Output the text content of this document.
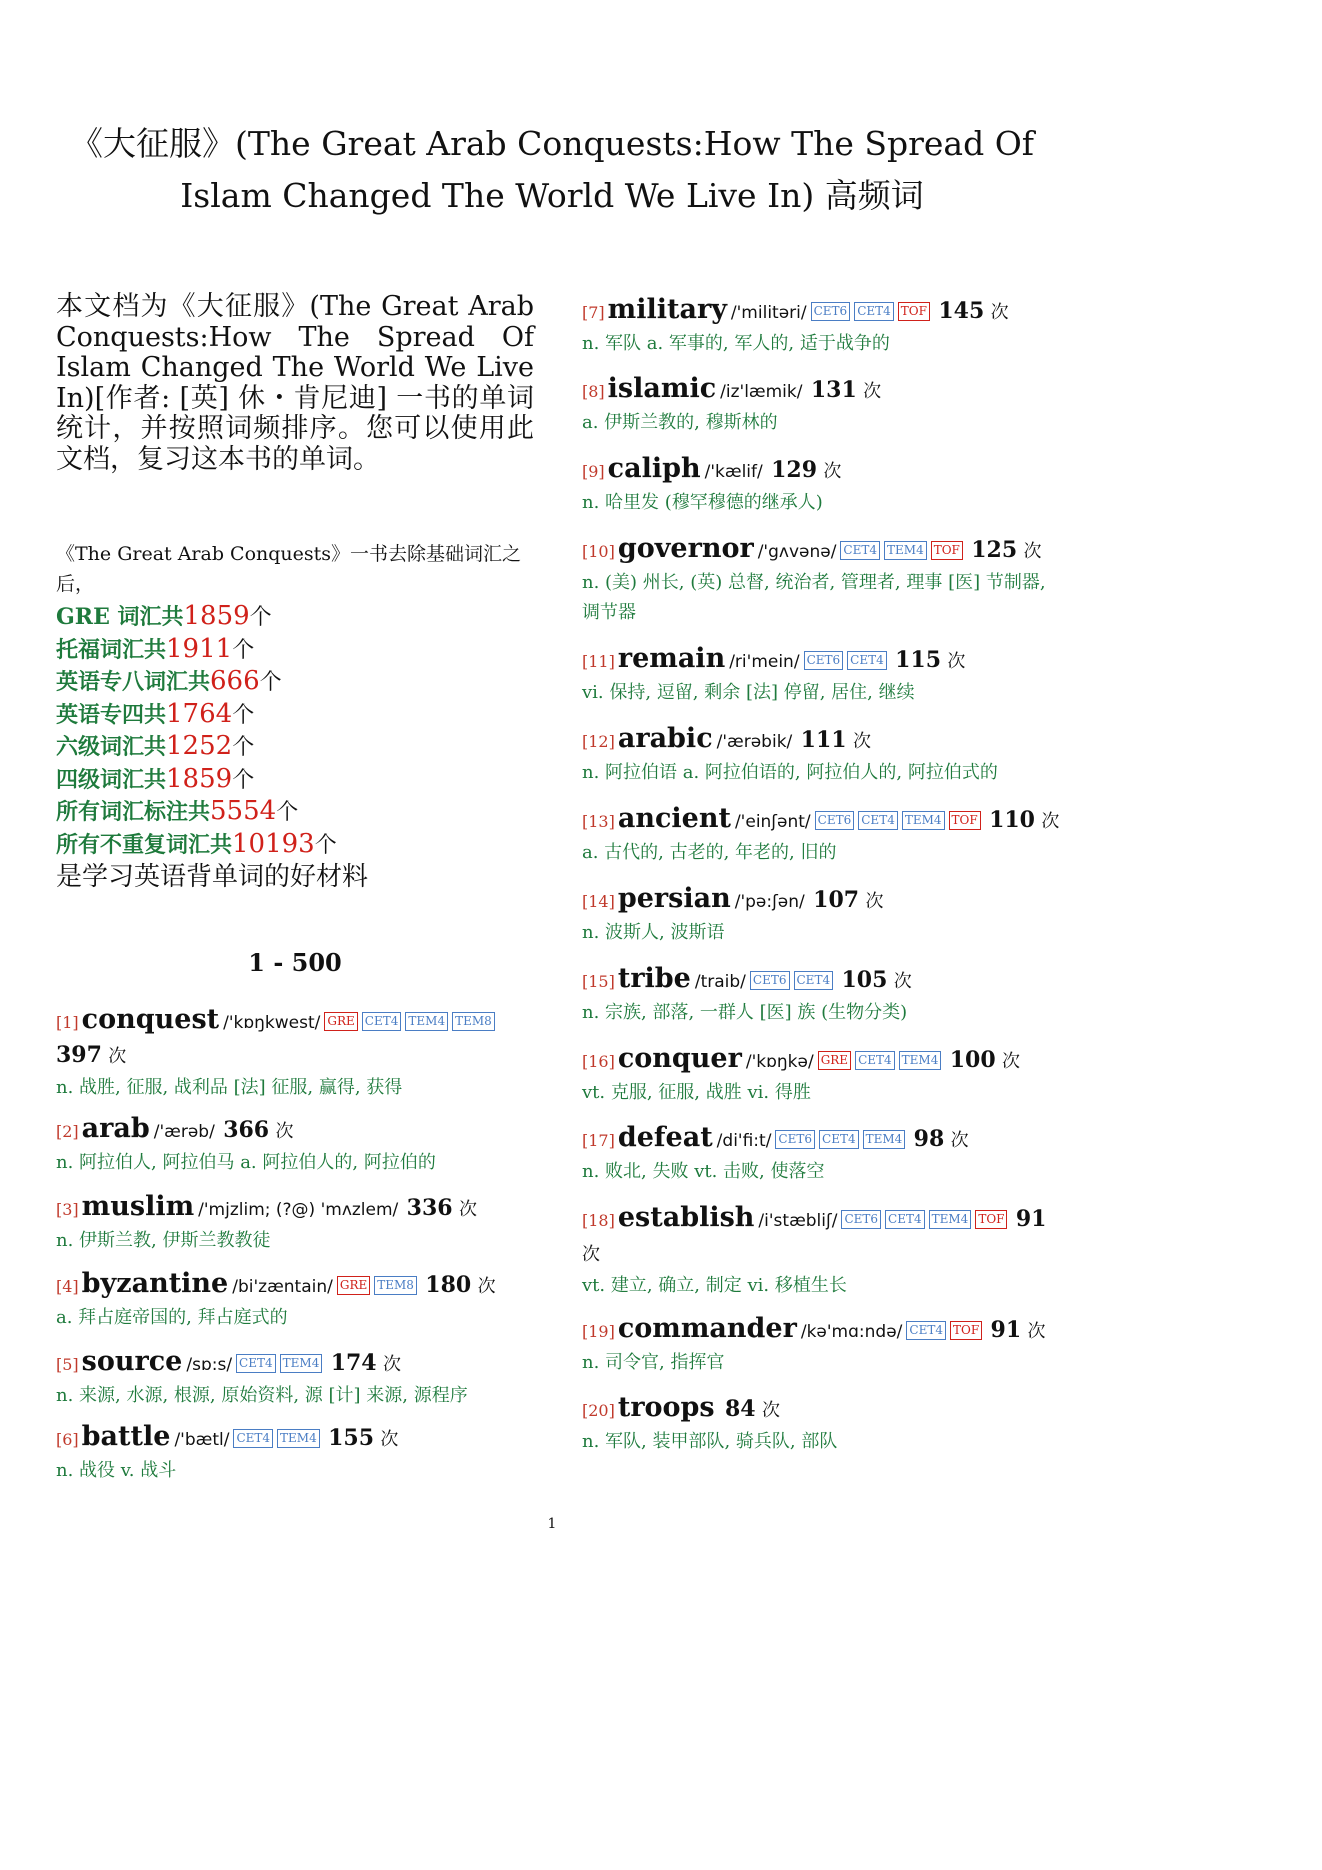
《大征服》(The Great Arab Conquests:How The Spread Of Islam Changed The World We Live In) 高频词
本文档为《大征服》(The Great Arab Conquests:How The Spread Of Islam Changed The World We Live In)[作者: [英] 休・肯尼迪] 一书的单词统计，并按照词频排序。您可以使用此文档，复习这本书的单词。
《The Great Arab Conquests》一书去除基础词汇之后，
GRE 词汇共1859个
托福词汇共1911个
英语专八词汇共666个
英语专四共1764个
六级词汇共1252个
四级词汇共1859个
所有词汇标注共5554个
所有不重复词汇共10193个
是学习英语背单词的好材料
1 - 500
[1] conquest /'kɒŋkwest/ GRE CET4 TEM4 TEM8 397 次
n. 战胜, 征服, 战利品 [法] 征服, 赢得, 获得
[2] arab /'ærəb/ 366 次
n. 阿拉伯人, 阿拉伯马 a. 阿拉伯人的, 阿拉伯的
[3] muslim /'mjzlim; (?@) 'mʌzlem/ 336 次
n. 伊斯兰教, 伊斯兰教教徒
[4] byzantine /bi'zæntain/ GRE TEM8 180 次
a. 拜占庭帝国的, 拜占庭式的
[5] source /sɒ:s/ CET4 TEM4 174 次
n. 来源, 水源, 根源, 原始资料, 源 [计] 来源, 源程序
[6] battle /'bætl/ CET4 TEM4 155 次
n. 战役 v. 战斗
[7] military /'militəri/ CET6 CET4 TOF 145 次
n. 军队 a. 军事的, 军人的, 适于战争的
[8] islamic /iz'læmik/ 131 次
a. 伊斯兰教的, 穆斯林的
[9] caliph /'kælif/ 129 次
n. 哈里发 (穆罕穆德的继承人)
[10] governor /'gʌvənə/ CET4 TEM4 TOF 125 次
n. (美) 州长, (英) 总督, 统治者, 管理者, 理事 [医] 节制器, 调节器
[11] remain /ri'mein/ CET6 CET4 115 次
vi. 保持, 逗留, 剩余 [法] 停留, 居住, 继续
[12] arabic /'ærəbik/ 111 次
n. 阿拉伯语 a. 阿拉伯语的, 阿拉伯人的, 阿拉伯式的
[13] ancient /'einʃənt/ CET6 CET4 TEM4 TOF 110 次
a. 古代的, 古老的, 年老的, 旧的
[14] persian /'pə:ʃən/ 107 次
n. 波斯人, 波斯语
[15] tribe /traib/ CET6 CET4 105 次
n. 宗族, 部落, 一群人 [医] 族 (生物分类)
[16] conquer /'kɒŋkə/ GRE CET4 TEM4 100 次
vt. 克服, 征服, 战胜 vi. 得胜
[17] defeat /di'fi:t/ CET6 CET4 TEM4 98 次
n. 败北, 失败 vt. 击败, 使落空
[18] establish /i'stæbliʃ/ CET6 CET4 TEM4 TOF 91 次
vt. 建立, 确立, 制定 vi. 移植生长
[19] commander /kə'mɑ:ndə/ CET4 TOF 91 次
n. 司令官, 指挥官
[20] troops 84 次
n. 军队, 装甲部队, 骑兵队, 部队
1
